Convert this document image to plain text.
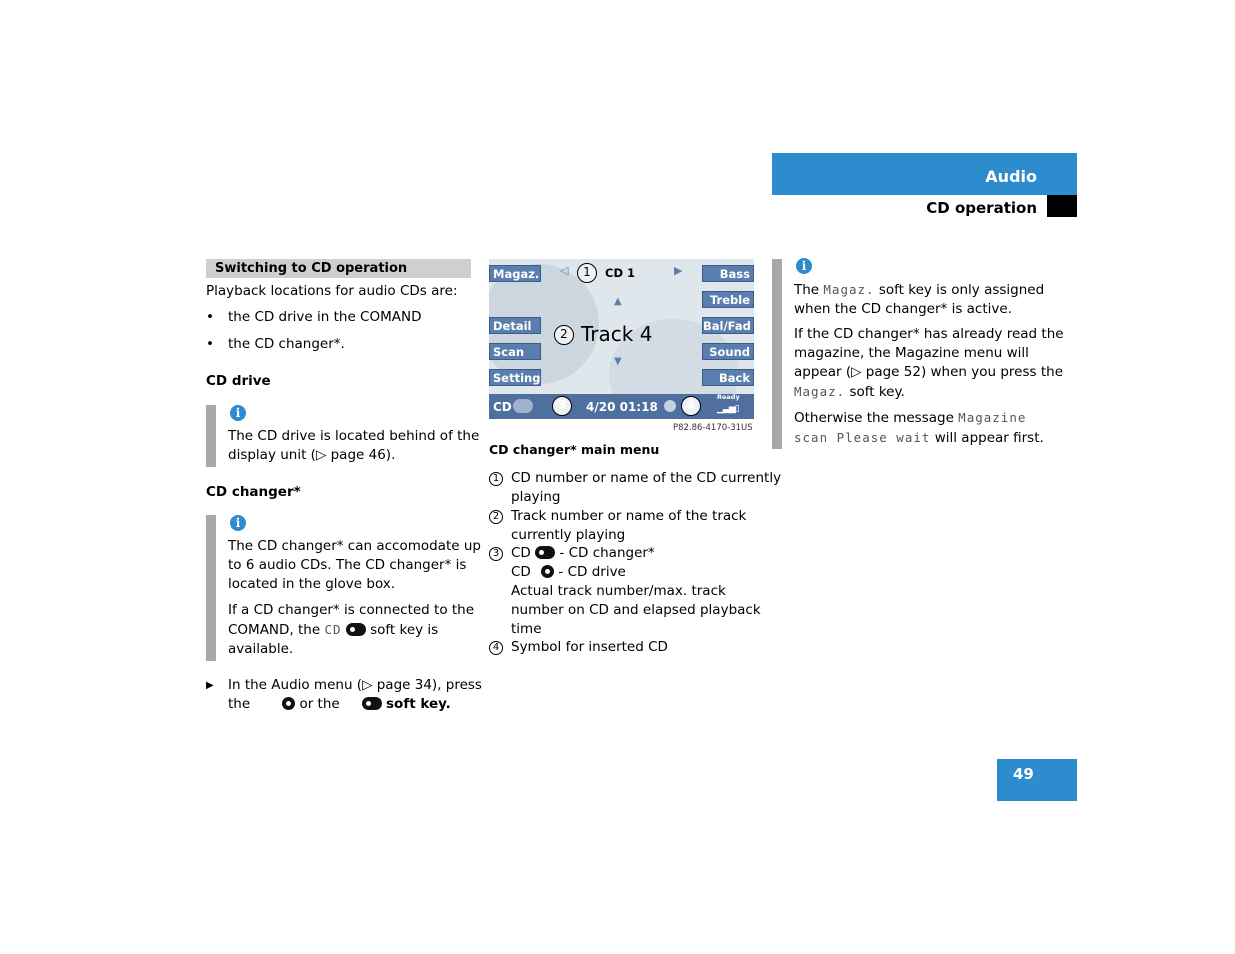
Audio
CD operation
Switching to CD operation
Playback locations for audio CDs are:
• the CD drive in the COMAND
• the CD changer*.
CD drive
i
The CD drive is located behind of the
display unit (▷ page 46).
CD changer*
i
The CD changer* can accomodate up
to 6 audio CDs. The CD changer* is
located in the glove box.
If a CD changer* is connected to the
COMAND, the CD  soft key is
available.
▶ In the Audio menu (▷ page 34), press
the	or the	soft key.
Magaz.
Detail
Scan
Setting
Bass
Treble
Bal/Fad
Sound
Back
◁	1	CD 1	▶
▲
2 Track 4
▼
CD	3	4/20 01:18	4
Ready
▁▃▅▯
P82.86-4170-31US
CD changer* main menu
1 CD number or name of the CD currently
playing
2 Track number or name of the track
currently playing
3 CD - CD changer*
CD - CD drive
Actual track number/max. track
number on CD and elapsed playback
time
4 Symbol for inserted CD
i
The Magaz. soft key is only assigned
when the CD changer* is active.
If the CD changer* has already read the
magazine, the Magazine menu will
appear (▷ page 52) when you press the
Magaz. soft key.
Otherwise the message Magazine
scan Please wait will appear first.
49
